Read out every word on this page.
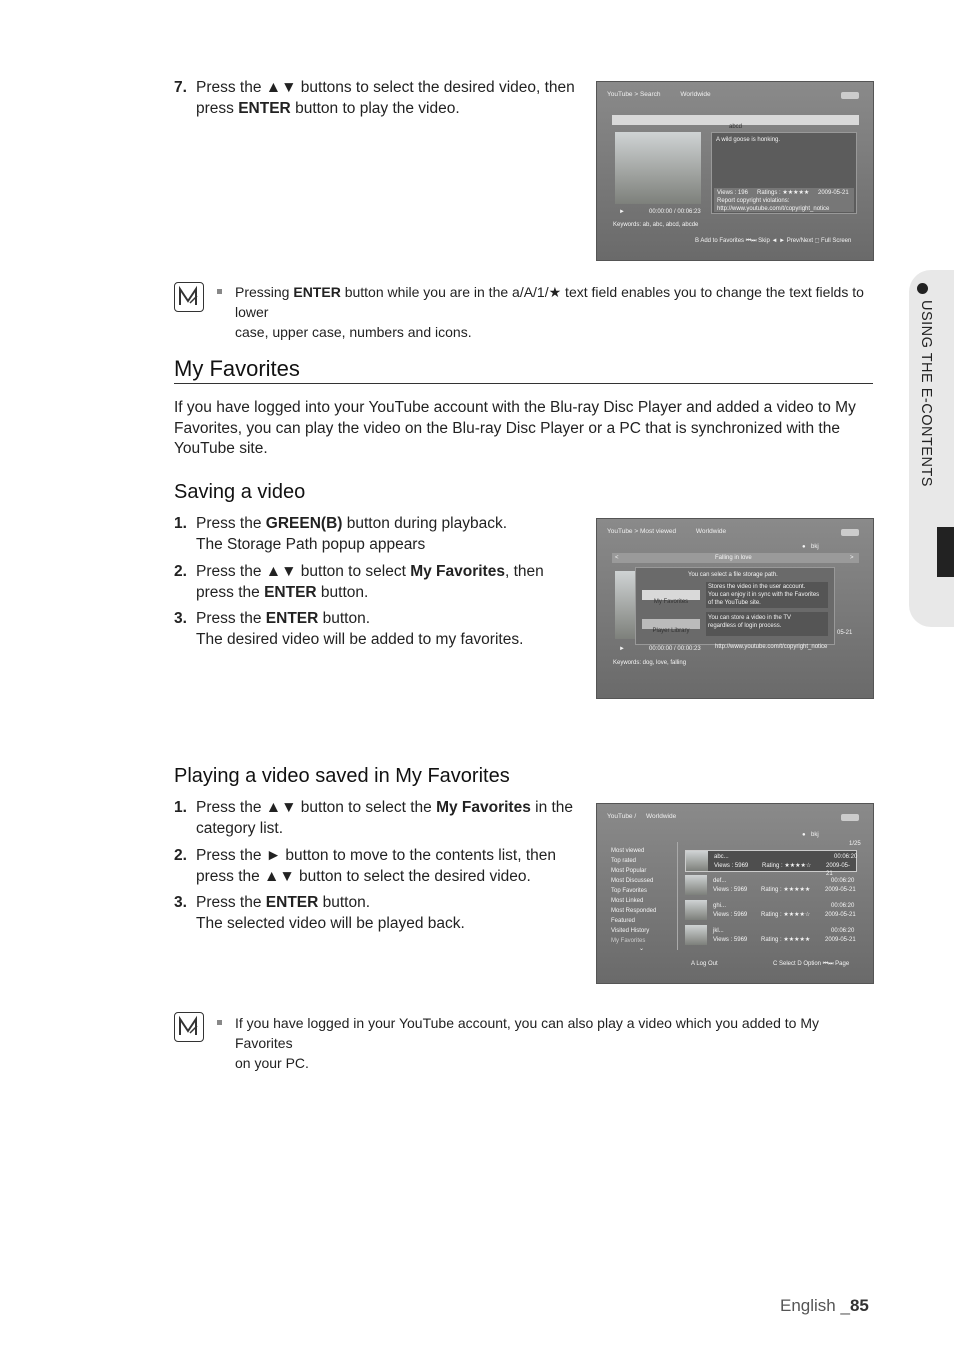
USING THE E-CONTENTS
7. Press the ▲▼ buttons to select the desired video, then
press ENTER button to play the video.
YouTube > Search	Worldwide
abcd
A wild goose is honking.
Views : 196 Ratings : ★★★★★ 2009-05-21
Report copyright violations:
http://www.youtube.com/t/copyright_notice
►	00:00:00 / 00:06:23
Keywords: ab, abc, abcd, abcde
B Add to Favorites ⏮⏭ Skip ◄ ► Prev/Next ⬚ Full Screen
Pressing ENTER button while you are in the a/A/1/★ text field enables you to change the text fields to lower
case, upper case, numbers and icons.
My Favorites
If you have logged into your YouTube account with the Blu-ray Disc Player and added a video to My
Favorites, you can play the video on the Blu-ray Disc Player or a PC that is synchronized with the
YouTube site.
Saving a video
1. Press the GREEN(B) button during playback.
The Storage Path popup appears
2. Press the ▲▼ button to select My Favorites, then
press the ENTER button.
3. Press the ENTER button.
The desired video will be added to my favorites.
YouTube > Most viewed	Worldwide
● bkj
<	Falling in love	>
You can select a file storage path.
My Favorites
Player Library
Stores the video in the user account.
You can enjoy it in sync with the Favorites
of the YouTube site.
You can store a video in the TV
regardless of login process.
05-21
http://www.youtube.com/t/copyright_notice
►	00:00:00 / 00:00:23
Keywords: dog, love, falling
Playing a video saved in My Favorites
1. Press the ▲▼ button to select the My Favorites in the
category list.
2. Press the ► button to move to the contents list, then
press the ▲▼ button to select the desired video.
3. Press the ENTER button.
The selected video will be played back.
YouTube / Worldwide
● bkj
1/25
Most viewed
Top rated
Most Popular
Most Discussed
Top Favorites
Most Linked
Most Responded
Featured
Visited History
My Favorites
⌄
abc...	00:06:20
Views : 5969 Rating : ★★★★☆ 2009-05-21
def...	00:06:20
Views : 5969 Rating : ★★★★★ 2009-05-21
ghi...	00:06:20
Views : 5969 Rating : ★★★★☆ 2009-05-21
jkl...	00:06:20
Views : 5969 Rating : ★★★★★ 2009-05-21
A Log Out	C Select D Option ⏮⏭ Page
If you have logged in your YouTube account, you can also play a video which you added to My Favorites
on your PC.
English _85
